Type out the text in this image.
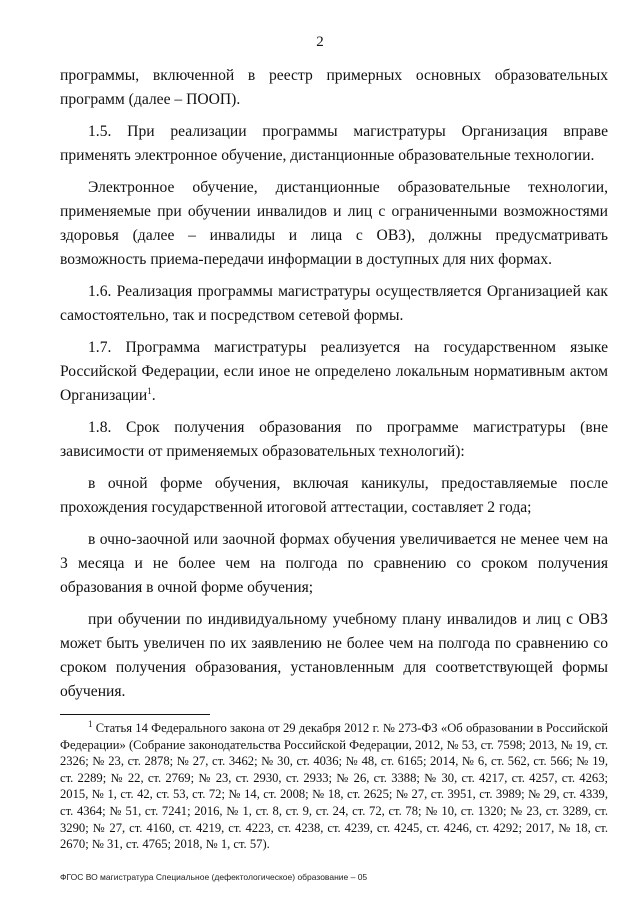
2

программы, включенной в реестр примерных основных образовательных программ (далее – ПООП).

1.5. При реализации программы магистратуры Организация вправе применять электронное обучение, дистанционные образовательные технологии.

Электронное обучение, дистанционные образовательные технологии, применяемые при обучении инвалидов и лиц с ограниченными возможностями здоровья (далее – инвалиды и лица с ОВЗ), должны предусматривать возможность приема-передачи информации в доступных для них формах.

1.6. Реализация программы магистратуры осуществляется Организацией как самостоятельно, так и посредством сетевой формы.

1.7. Программа магистратуры реализуется на государственном языке Российской Федерации, если иное не определено локальным нормативным актом Организации$^1$.

1.8. Срок получения образования по программе магистратуры (вне зависимости от применяемых образовательных технологий):

в очной форме обучения, включая каникулы, предоставляемые после прохождения государственной итоговой аттестации, составляет 2 года;

в очно-заочной или заочной формах обучения увеличивается не менее чем на 3 месяца и не более чем на полгода по сравнению со сроком получения образования в очной форме обучения;

при обучении по индивидуальному учебному плану инвалидов и лиц с ОВЗ может быть увеличен по их заявлению не более чем на полгода по сравнению со сроком получения образования, установленным для соответствующей формы обучения.

$^1$ Статья 14 Федерального закона от 29 декабря 2012 г. № 273-ФЗ «Об образовании в Российской Федерации» (Собрание законодательства Российской Федерации, 2012, № 53, ст. 7598; 2013, № 19, ст. 2326; № 23, ст. 2878; № 27, ст. 3462; № 30, ст. 4036; № 48, ст. 6165; 2014, № 6, ст. 562, ст. 566; № 19, ст. 2289; № 22, ст. 2769; № 23, ст. 2930, ст. 2933; № 26, ст. 3388; № 30, ст. 4217, ст. 4257, ст. 4263; 2015, № 1, ст. 42, ст. 53, ст. 72; № 14, ст. 2008; № 18, ст. 2625; № 27, ст. 3951, ст. 3989; № 29, ст. 4339, ст. 4364; № 51, ст. 7241; 2016, № 1, ст. 8, ст. 9, ст. 24, ст. 72, ст. 78; № 10, ст. 1320; № 23, ст. 3289, ст. 3290; № 27, ст. 4160, ст. 4219, ст. 4223, ст. 4238, ст. 4239, ст. 4245, ст. 4246, ст. 4292; 2017, № 18, ст. 2670; № 31, ст. 4765; 2018, № 1, ст. 57).
ФГОС ВО магистратура Специальное (дефектологическое) образование – 05
